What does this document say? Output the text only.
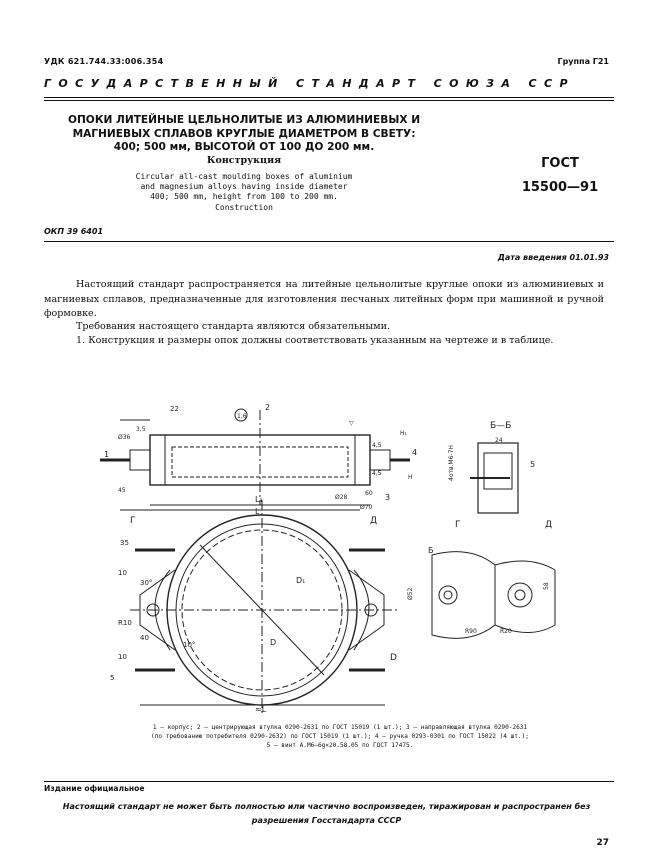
УДК 621.744.33:006.354	Группа Г21
ГОСУДАРСТВЕННЫЙ СТАНДАРТ СОЮЗА ССР
ОПОКИ ЛИТЕЙНЫЕ ЦЕЛЬНОЛИТЫЕ ИЗ АЛЮМИНИЕВЫХ И
МАГНИЕВЫХ СПЛАВОВ КРУГЛЫЕ ДИАМЕТРОМ В СВЕТУ:
400; 500 мм, ВЫСОТОЙ ОТ 100 ДО 200 мм.
Конструкция
Circular all-cast moulding boxes of aluminium
and magnesium alloys having inside diameter
400; 500 mm, height from 100 to 200 mm.
Construction
ГОСТ
15500—91
ОКП 39 6401
Дата введения 01.01.93
Настоящий стандарт распространяется на литейные цельнолитые круглые опоки из алюминиевых и магниевых сплавов, предназначенные для изготовления песчаных литейных форм при машинной и ручной формовке.
Требования настоящего стандарта являются обязательными.
1. Конструкция и размеры опок должны соответствовать указанным на чертеже и в таблице.
22
Ø36
45
Ø28
1,6
L₁
H₁
H
4,5
4,5
3,5
Ø70
60
▽
L
≈L
D₁
D
30°
R10
40
10°
10
10
35
5
Г	Д
D
Б—Б
24
4отв.М6-7Н
Г	Д
Б
Ø52
58
R90	R20
1
2
3
4
5
1 — корпус; 2 — центрирующая втулка 0290-2631 по ГОСТ 15019 (1 шт.); 3 — направляющая втулка 0290-2631
(по требованию потребителя 0290-2632) по ГОСТ 15019 (1 шт.); 4 — ручка 0293-0301 по ГОСТ 15022 (4 шт.);
5 — винт А.М6—6g×20.58.05 по ГОСТ 17475.
Издание официальное
Настоящий стандарт не может быть полностью или частично воспроизведен, тиражирован и распространен без
разрешения Госстандарта СССР
27
